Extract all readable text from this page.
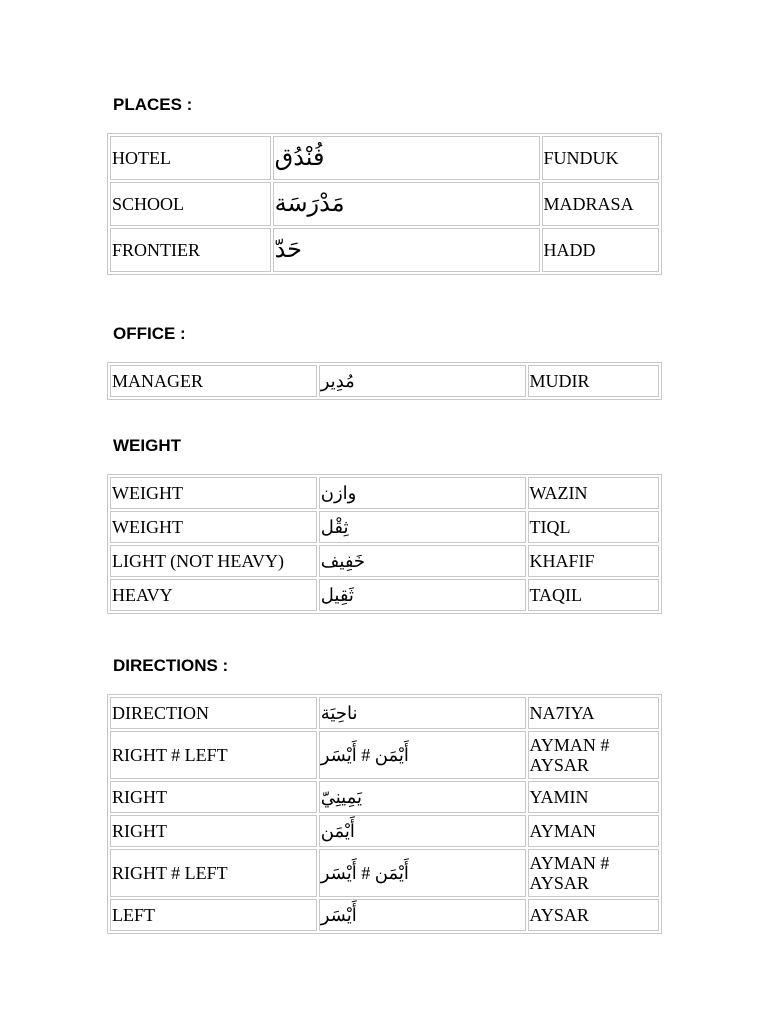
PLACES :
HOTEL	فُنْدُق	FUNDUK
SCHOOL	مَدْرَسَة	MADRASA
FRONTIER	حَدّ	HADD
OFFICE :
MANAGER	مُدِير	MUDIR
WEIGHT
WEIGHT	وازن	WAZIN
WEIGHT	ثِقْل	TIQL
LIGHT (NOT HEAVY)	خَفِيف	KHAFIF
HEAVY	ثَقِيل	TAQIL
DIRECTIONS :
DIRECTION	ناحِيَة	NA7IYA
RIGHT # LEFT	أَيْمَن # أَيْسَر	AYMAN # AYSAR
RIGHT	يَمِينِيّ	YAMIN
RIGHT	أَيْمَن	AYMAN
RIGHT # LEFT	أَيْمَن # أَيْسَر	AYMAN # AYSAR
LEFT	أَيْسَر	AYSAR
